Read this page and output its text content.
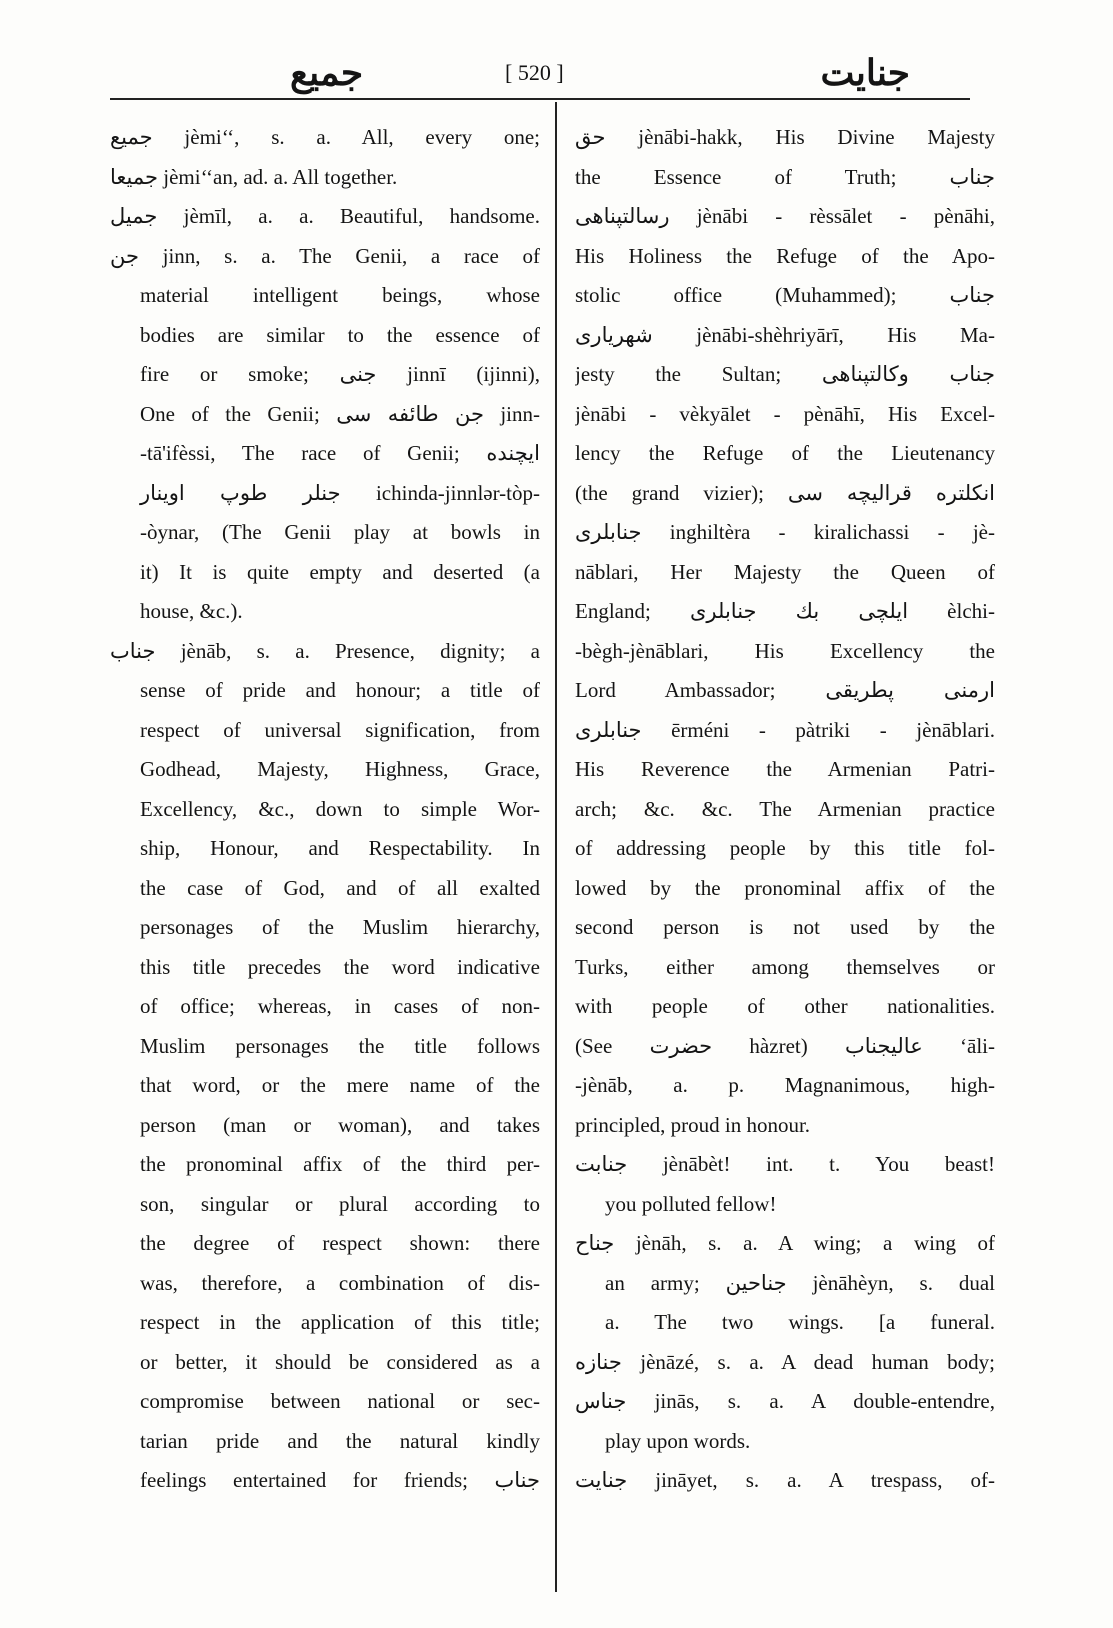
جميع	[ 520 ]	جنايت
جميع jèmi‘‘, s. a. All, every one;
جميعا jèmi‘‘an, ad. a. All together.
جميل jèmīl, a. a. Beautiful, handsome.
جن jinn, s. a. The Genii, a race of
material intelligent beings, whose
bodies are similar to the essence of
fire or smoke; جنى jinnī (ijinni),
One of the Genii; جن طائفه سى jinn-
-tā'ifèssi, The race of Genii; ايچنده
جنلر طوپ اوينار ichinda-jinnlər-tòp-
-òynar, (The Genii play at bowls in
it) It is quite empty and deserted (a
house, &c.).
جناب jènāb, s. a. Presence, dignity; a
sense of pride and honour; a title of
respect of universal signification, from
Godhead, Majesty, Highness, Grace,
Excellency, &c., down to simple Wor-
ship, Honour, and Respectability. In
the case of God, and of all exalted
personages of the Muslim hierarchy,
this title precedes the word indicative
of office; whereas, in cases of non-
Muslim personages the title follows
that word, or the mere name of the
person (man or woman), and takes
the pronominal affix of the third per-
son, singular or plural according to
the degree of respect shown: there
was, therefore, a combination of dis-
respect in the application of this title;
or better, it should be considered as a
compromise between national or sec-
tarian pride and the natural kindly
feelings entertained for friends; جناب
حق jènābi-hakk, His Divine Majesty
the Essence of Truth; جناب
رسالتپناهى jènābi - rèssālet - pènāhi,
His Holiness the Refuge of the Apo-
stolic office (Muhammed); جناب
شهريارى jènābi-shèhriyārī, His Ma-
jesty the Sultan; جناب وكالتپناهى
jènābi - vèkyālet - pènāhī, His Excel-
lency the Refuge of the Lieutenancy
(the grand vizier); انكلتره قراليچه سى
جنابلرى inghiltèra - kiralichassi - jè-
nāblari, Her Majesty the Queen of
England; ايلچى بك جنابلرى èlchi-
-bègh-jènāblari, His Excellency the
Lord Ambassador; ارمنى پطريقى
جنابلرى ērméni - pàtriki - jènāblari.
His Reverence the Armenian Patri-
arch; &c. &c. The Armenian practice
of addressing people by this title fol-
lowed by the pronominal affix of the
second person is not used by the
Turks, either among themselves or
with people of other nationalities.
(See حضرت hàzret) عاليجناب ‘āli-
-jènāb, a. p. Magnanimous, high-
principled, proud in honour.
جنابت jènābèt! int. t. You beast!
you polluted fellow!
جناح jènāh, s. a. A wing; a wing of
an army; جناحين jènāhèyn, s. dual
a. The two wings. [a funeral.
جنازه jènāzé, s. a. A dead human body;
جناس jinās, s. a. A double-entendre,
play upon words.
جنايت jināyet, s. a. A trespass, of-
